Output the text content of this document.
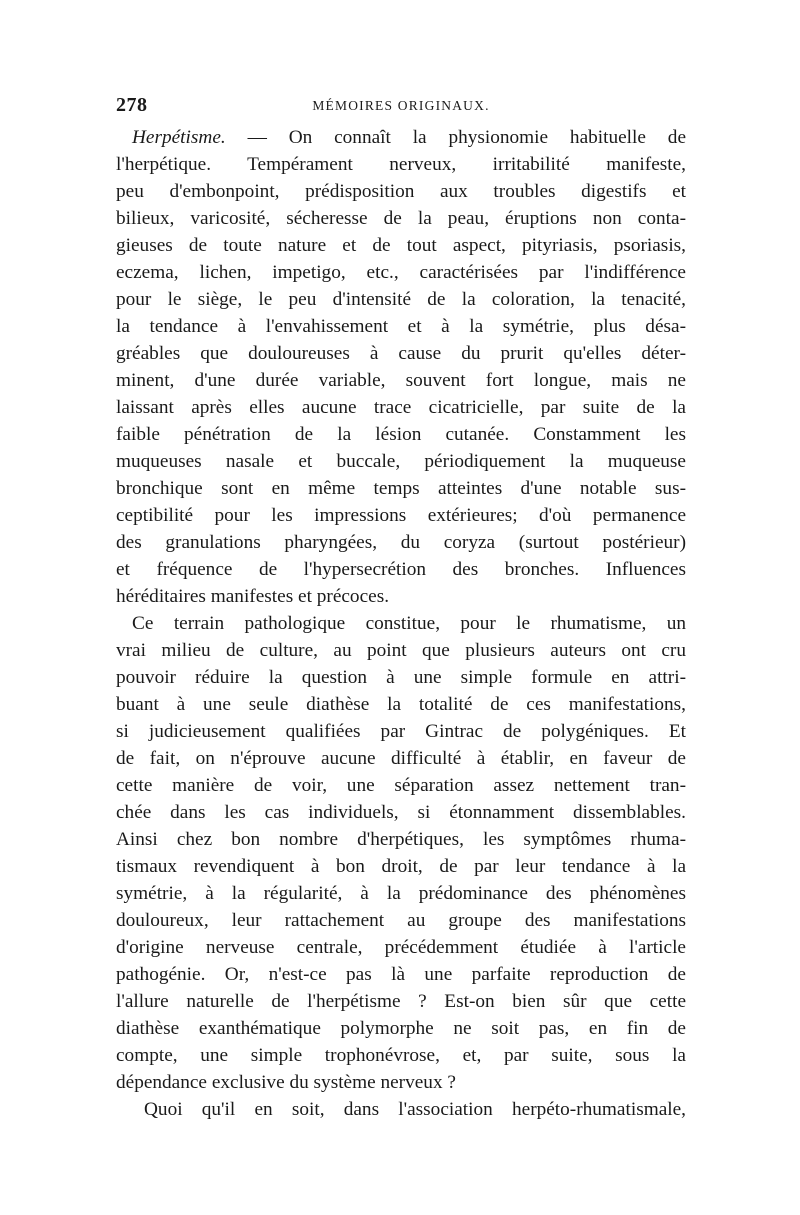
278	MÉMOIRES ORIGINAUX.
Herpétisme. — On connaît la physionomie habituelle de
l'herpétique. Tempérament nerveux, irritabilité manifeste,
peu d'embonpoint, prédisposition aux troubles digestifs et
bilieux, varicosité, sécheresse de la peau, éruptions non conta-
gieuses de toute nature et de tout aspect, pityriasis, psoriasis,
eczema, lichen, impetigo, etc., caractérisées par l'indifférence
pour le siège, le peu d'intensité de la coloration, la tenacité,
la tendance à l'envahissement et à la symétrie, plus désa-
gréables que douloureuses à cause du prurit qu'elles déter-
minent, d'une durée variable, souvent fort longue, mais ne
laissant après elles aucune trace cicatricielle, par suite de la
faible pénétration de la lésion cutanée. Constamment les
muqueuses nasale et buccale, périodiquement la muqueuse
bronchique sont en même temps atteintes d'une notable sus-
ceptibilité pour les impressions extérieures; d'où permanence
des granulations pharyngées, du coryza (surtout postérieur)
et fréquence de l'hypersecrétion des bronches. Influences
héréditaires manifestes et précoces.
Ce terrain pathologique constitue, pour le rhumatisme, un
vrai milieu de culture, au point que plusieurs auteurs ont cru
pouvoir réduire la question à une simple formule en attri-
buant à une seule diathèse la totalité de ces manifestations,
si judicieusement qualifiées par Gintrac de polygéniques. Et
de fait, on n'éprouve aucune difficulté à établir, en faveur de
cette manière de voir, une séparation assez nettement tran-
chée dans les cas individuels, si étonnamment dissemblables.
Ainsi chez bon nombre d'herpétiques, les symptômes rhuma-
tismaux revendiquent à bon droit, de par leur tendance à la
symétrie, à la régularité, à la prédominance des phénomènes
douloureux, leur rattachement au groupe des manifestations
d'origine nerveuse centrale, précédemment étudiée à l'article
pathogénie. Or, n'est-ce pas là une parfaite reproduction de
l'allure naturelle de l'herpétisme ? Est-on bien sûr que cette
diathèse exanthématique polymorphe ne soit pas, en fin de
compte, une simple trophonévrose, et, par suite, sous la
dépendance exclusive du système nerveux ?
Quoi qu'il en soit, dans l'association herpéto-rhumatismale,
